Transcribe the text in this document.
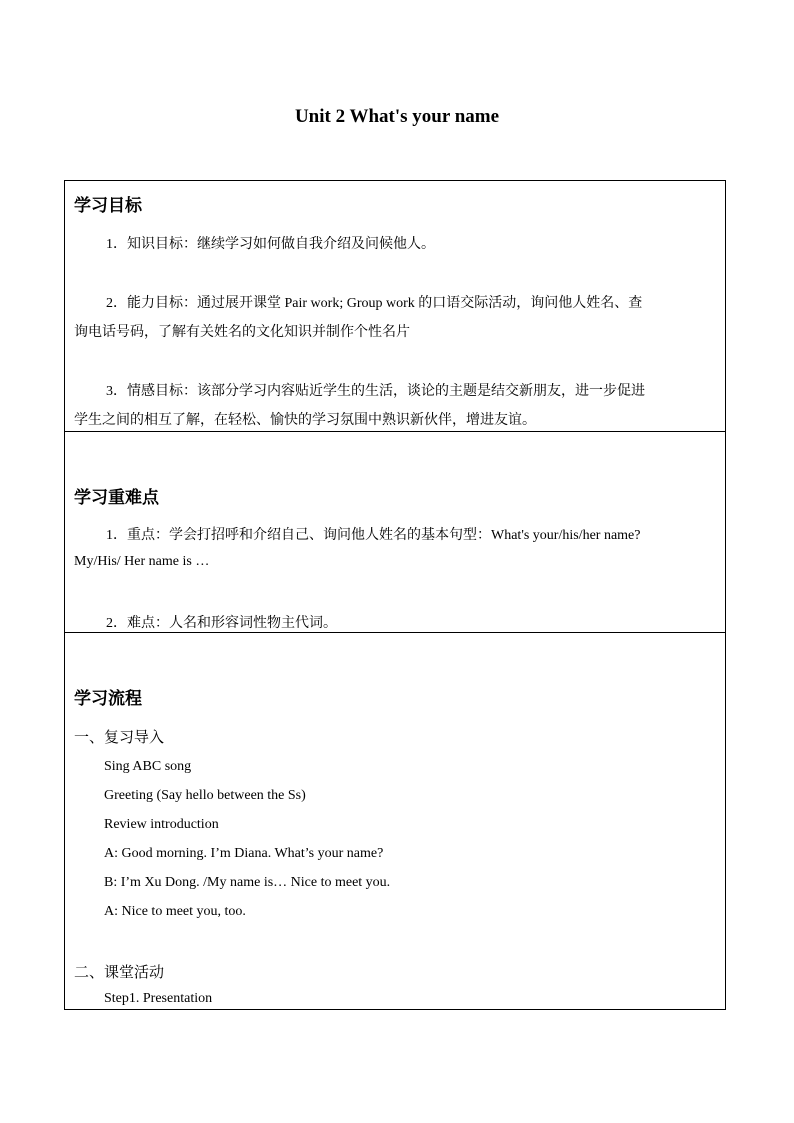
Unit 2 What's your name
学习目标
1．知识目标：继续学习如何做自我介绍及问候他人。
2．能力目标：通过展开课堂 Pair work; Group work 的口语交际活动，询问他人姓名、查
询电话号码，了解有关姓名的文化知识并制作个性名片
3．情感目标：该部分学习内容贴近学生的生活，谈论的主题是结交新朋友，进一步促进
学生之间的相互了解，在轻松、愉快的学习氛围中熟识新伙伴，增进友谊。
学习重难点
1．重点：学会打招呼和介绍自己、询问他人姓名的基本句型：What's your/his/her name?
My/His/ Her name is …
2．难点：人名和形容词性物主代词。
学习流程
一、复习导入
Sing ABC song
Greeting (Say hello between the Ss)
Review introduction
A: Good morning. I’m Diana. What’s your name?
B: I’m Xu Dong. /My name is… Nice to meet you.
A: Nice to meet you, too.
二、课堂活动
Step1. Presentation
